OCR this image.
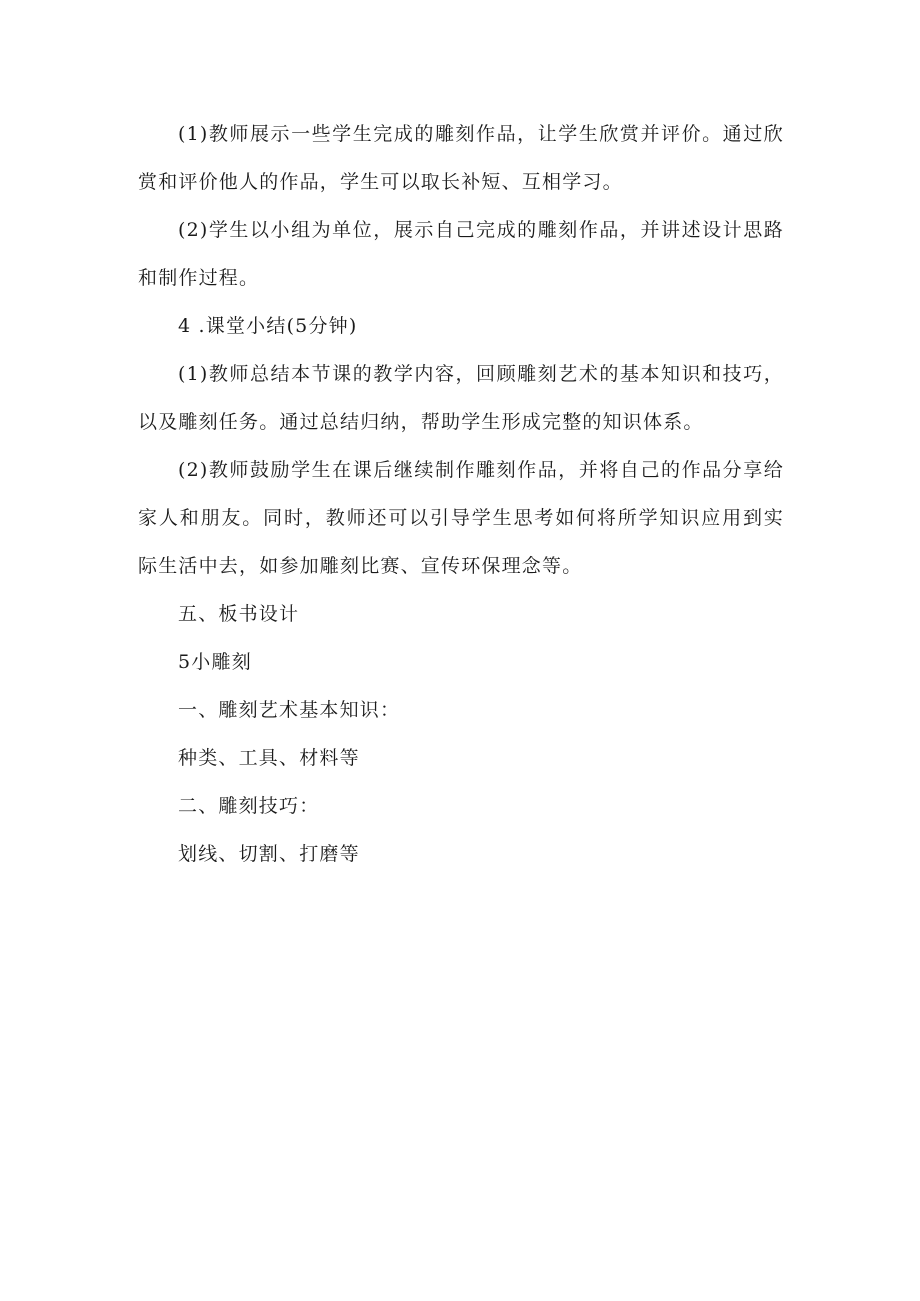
(1)教师展示一些学生完成的雕刻作品，让学生欣赏并评价。通过欣赏和评价他人的作品，学生可以取长补短、互相学习。

(2)学生以小组为单位，展示自己完成的雕刻作品，并讲述设计思路和制作过程。

4 .课堂小结(5分钟)

(1)教师总结本节课的教学内容，回顾雕刻艺术的基本知识和技巧，以及雕刻任务。通过总结归纳，帮助学生形成完整的知识体系。

(2)教师鼓励学生在课后继续制作雕刻作品，并将自己的作品分享给家人和朋友。同时，教师还可以引导学生思考如何将所学知识应用到实际生活中去，如参加雕刻比赛、宣传环保理念等。

五、板书设计

5小雕刻

一、雕刻艺术基本知识：

种类、工具、材料等

二、雕刻技巧：

划线、切割、打磨等
